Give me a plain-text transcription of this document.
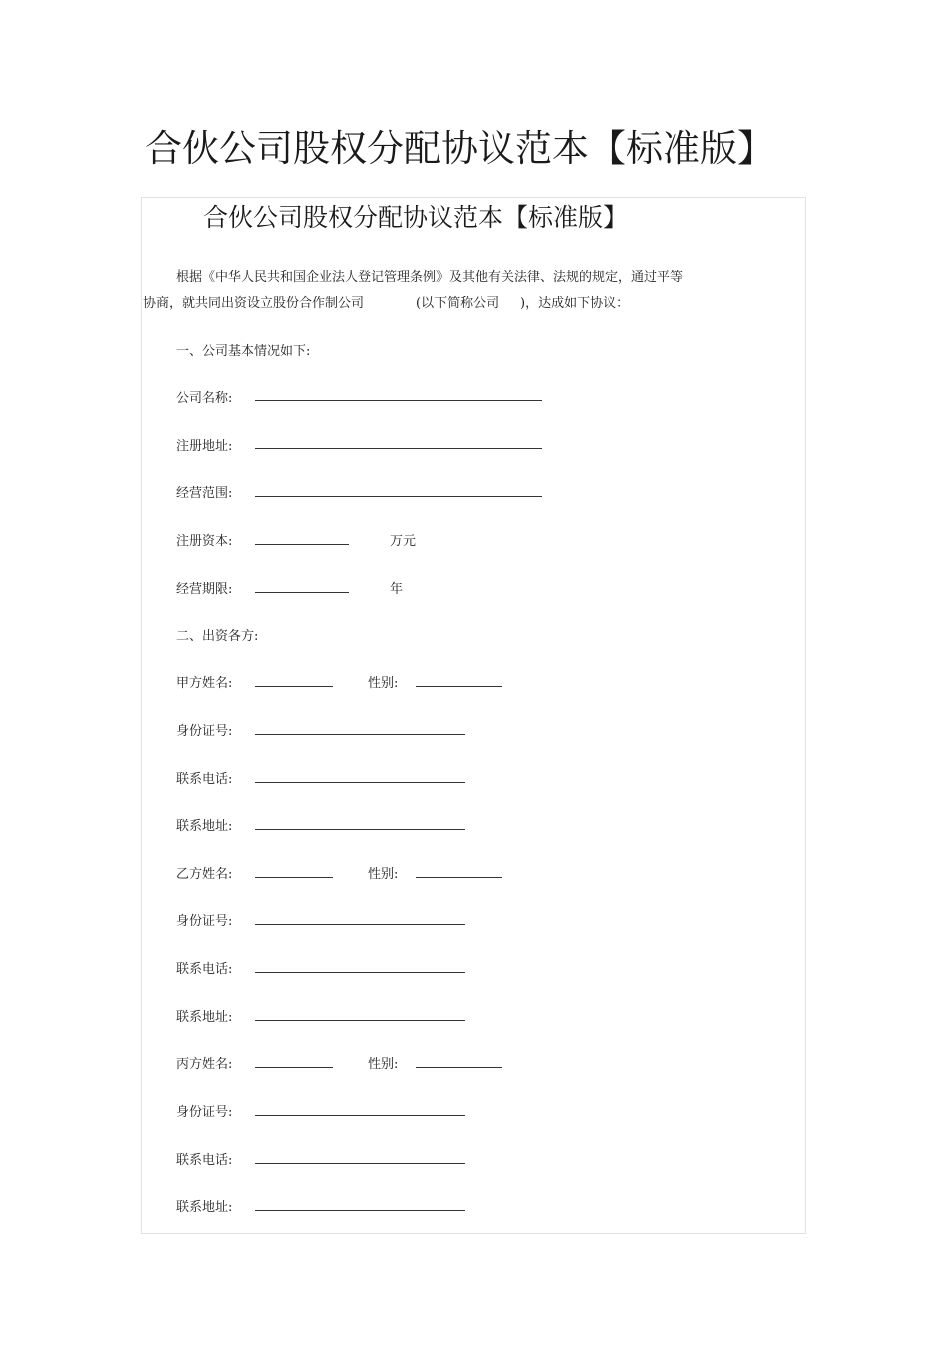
合伙公司股权分配协议范本【标准版】
合伙公司股权分配协议范本【标准版】
根据《中华人民共和国企业法人登记管理条例》及其他有关法律、法规的规定，通过平等
协商，就共同出资设立股份合作制公司	(以下简称公司 )，达成如下协议：
一、公司基本情况如下:
公司名称:
注册地址:
经营范围:
注册资本:	万元
经营期限:	年
二、出资各方:
甲方姓名:	性别:
身份证号:
联系电话:
联系地址:
乙方姓名:	性别:
身份证号:
联系电话:
联系地址:
丙方姓名:	性别:
身份证号:
联系电话:
联系地址:
